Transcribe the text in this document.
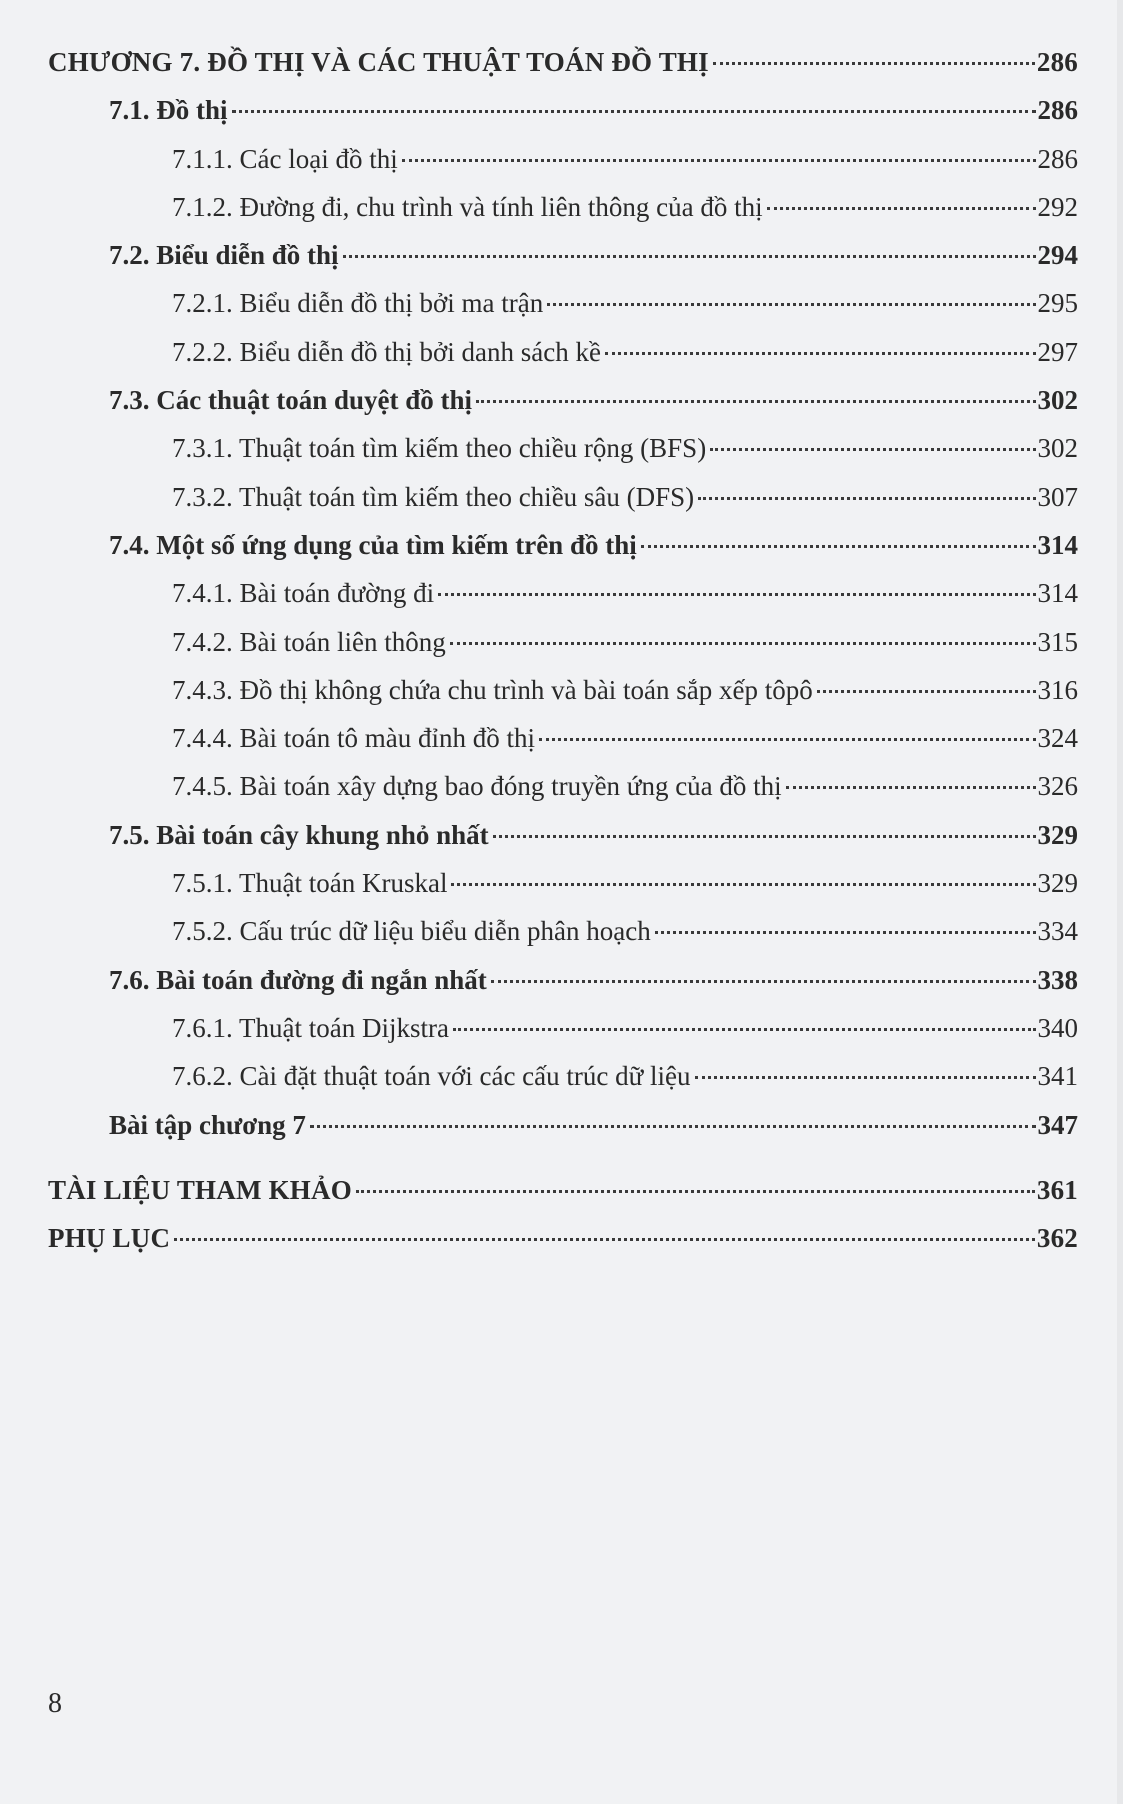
CHƯƠNG 7. ĐỒ THỊ VÀ CÁC THUẬT TOÁN ĐỒ THỊ	286
7.1. Đồ thị	286
7.1.1. Các loại đồ thị	286
7.1.2. Đường đi, chu trình và tính liên thông của đồ thị	292
7.2. Biểu diễn đồ thị	294
7.2.1. Biểu diễn đồ thị bởi ma trận	295
7.2.2. Biểu diễn đồ thị bởi danh sách kề	297
7.3. Các thuật toán duyệt đồ thị	302
7.3.1. Thuật toán tìm kiếm theo chiều rộng (BFS)	302
7.3.2. Thuật toán tìm kiếm theo chiều sâu (DFS)	307
7.4. Một số ứng dụng của tìm kiếm trên đồ thị	314
7.4.1. Bài toán đường đi	314
7.4.2. Bài toán liên thông	315
7.4.3. Đồ thị không chứa chu trình và bài toán sắp xếp tôpô	316
7.4.4. Bài toán tô màu đỉnh đồ thị	324
7.4.5. Bài toán xây dựng bao đóng truyền ứng của đồ thị	326
7.5. Bài toán cây khung nhỏ nhất	329
7.5.1. Thuật toán Kruskal	329
7.5.2. Cấu trúc dữ liệu biểu diễn phân hoạch	334
7.6. Bài toán đường đi ngắn nhất	338
7.6.1. Thuật toán Dijkstra	340
7.6.2. Cài đặt thuật toán với các cấu trúc dữ liệu	341
Bài tập chương 7	347
TÀI LIỆU THAM KHẢO	361
PHỤ LỤC	362
8
